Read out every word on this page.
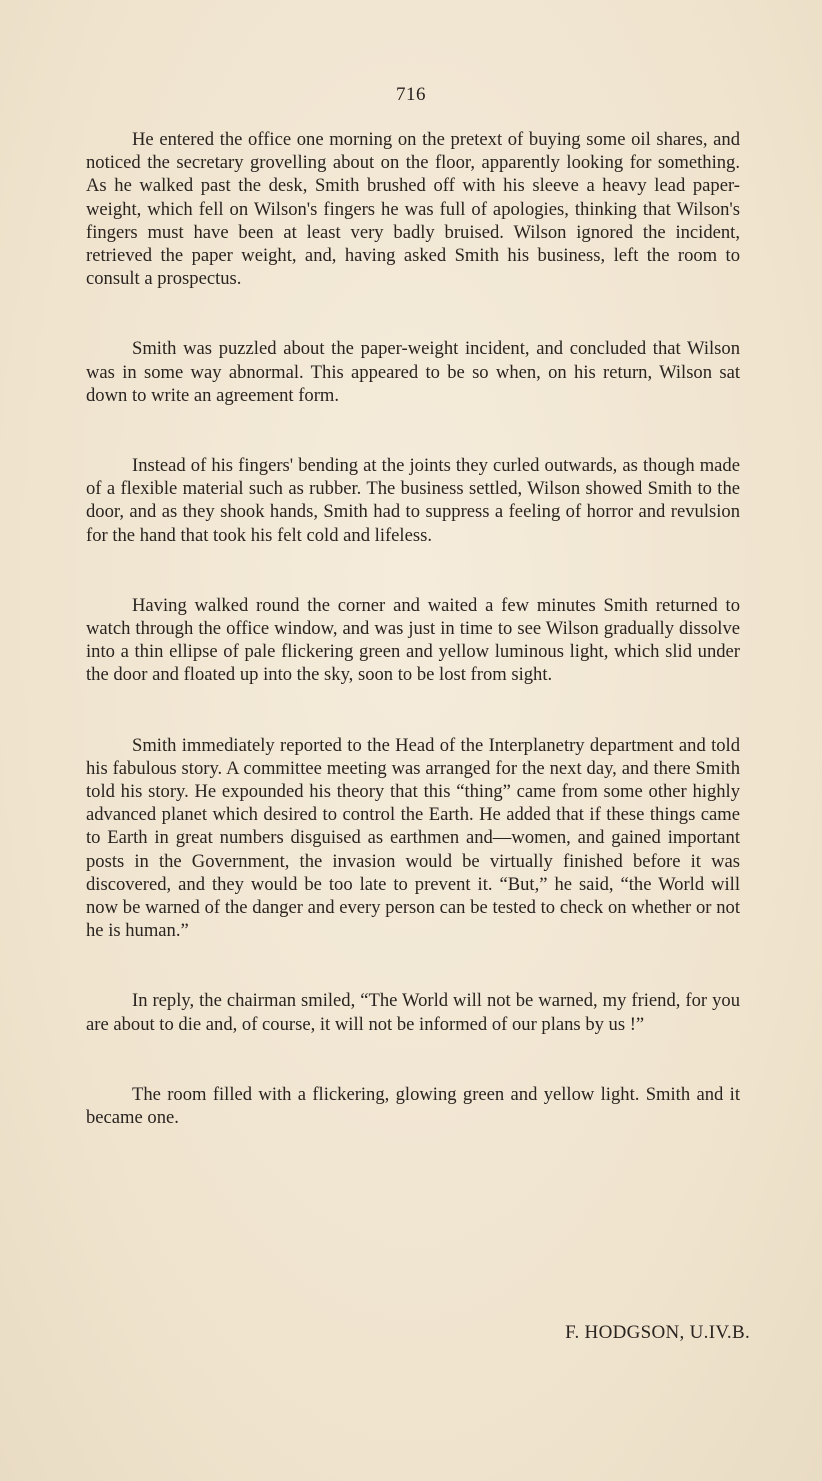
716

He entered the office one morning on the pretext of buying some oil shares, and noticed the secretary grovelling about on the floor, apparently looking for something. As he walked past the desk, Smith brushed off with his sleeve a heavy lead paper-weight, which fell on Wilson's fingers he was full of apologies, thinking that Wilson's fingers must have been at least very badly bruised. Wilson ignored the incident, retrieved the paper weight, and, having asked Smith his business, left the room to consult a prospectus.

Smith was puzzled about the paper-weight incident, and concluded that Wilson was in some way abnormal. This appeared to be so when, on his return, Wilson sat down to write an agreement form.

Instead of his fingers' bending at the joints they curled outwards, as though made of a flexible material such as rubber. The business settled, Wilson showed Smith to the door, and as they shook hands, Smith had to suppress a feeling of horror and revulsion for the hand that took his felt cold and lifeless.

Having walked round the corner and waited a few minutes Smith returned to watch through the office window, and was just in time to see Wilson gradually dissolve into a thin ellipse of pale flickering green and yellow luminous light, which slid under the door and floated up into the sky, soon to be lost from sight.

Smith immediately reported to the Head of the Interplanetry department and told his fabulous story. A committee meeting was arranged for the next day, and there Smith told his story. He expounded his theory that this “thing” came from some other highly advanced planet which desired to control the Earth. He added that if these things came to Earth in great numbers disguised as earthmen and—women, and gained important posts in the Government, the invasion would be virtually finished before it was discovered, and they would be too late to prevent it. “But,” he said, “the World will now be warned of the danger and every person can be tested to check on whether or not he is human.”

In reply, the chairman smiled, “The World will not be warned, my friend, for you are about to die and, of course, it will not be informed of our plans by us !”

The room filled with a flickering, glowing green and yellow light. Smith and it became one.

F. HODGSON, U.IV.B.
